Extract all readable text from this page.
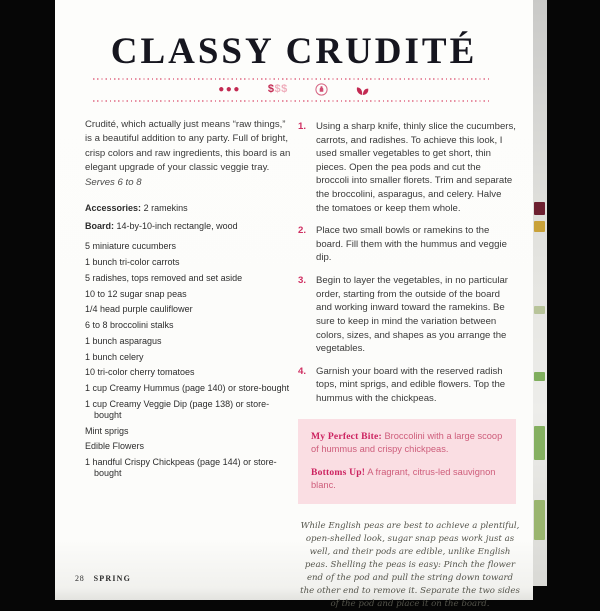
CLASSY CRUDITÉ
●●● $$$

Crudité, which actually just means “raw things,” is a beautiful addition to any party. Full of bright, crisp colors and raw ingredients, this board is an elegant upgrade of your classic veggie tray. Serves 6 to 8

Accessories: 2 ramekins

Board: 14-by-10-inch rectangle, wood

5 miniature cucumbers
1 bunch tri-color carrots
5 radishes, tops removed and set aside
10 to 12 sugar snap peas
1/4 head purple cauliflower
6 to 8 broccolini stalks
1 bunch asparagus
1 bunch celery
10 tri-color cherry tomatoes
1 cup Creamy Hummus (page 140) or store-bought
1 cup Creamy Veggie Dip (page 138) or store-bought
Mint sprigs
Edible Flowers
1 handful Crispy Chickpeas (page 144) or store-bought
1.	Using a sharp knife, thinly slice the cucumbers, carrots, and radishes. To achieve this look, I used smaller vegetables to get short, thin pieces. Open the pea pods and cut the broccoli into smaller florets. Trim and separate the broccolini, asparagus, and celery. Halve the tomatoes or keep them whole.
2.	Place two small bowls or ramekins to the board. Fill them with the hummus and veggie dip.
3.	Begin to layer the vegetables, in no particular order, starting from the outside of the board and working inward toward the ramekins. Be sure to keep in mind the variation between colors, sizes, and shapes as you arrange the vegetables.
4.	Garnish your board with the reserved radish tops, mint sprigs, and edible flowers. Top the hummus with the chickpeas.

My Perfect Bite: Broccolini with a large scoop of hummus and crispy chickpeas.

Bottoms Up! A fragrant, citrus-led sauvignon blanc.

While English peas are best to achieve a plentiful, open-shelled look, sugar snap peas work just as well, and their pods are edible, unlike English peas. Shelling the peas is easy: Pinch the flower end of the pod and pull the string down toward the other end to remove it. Separate the two sides of the pod and place it on the board.

28 SPRING
